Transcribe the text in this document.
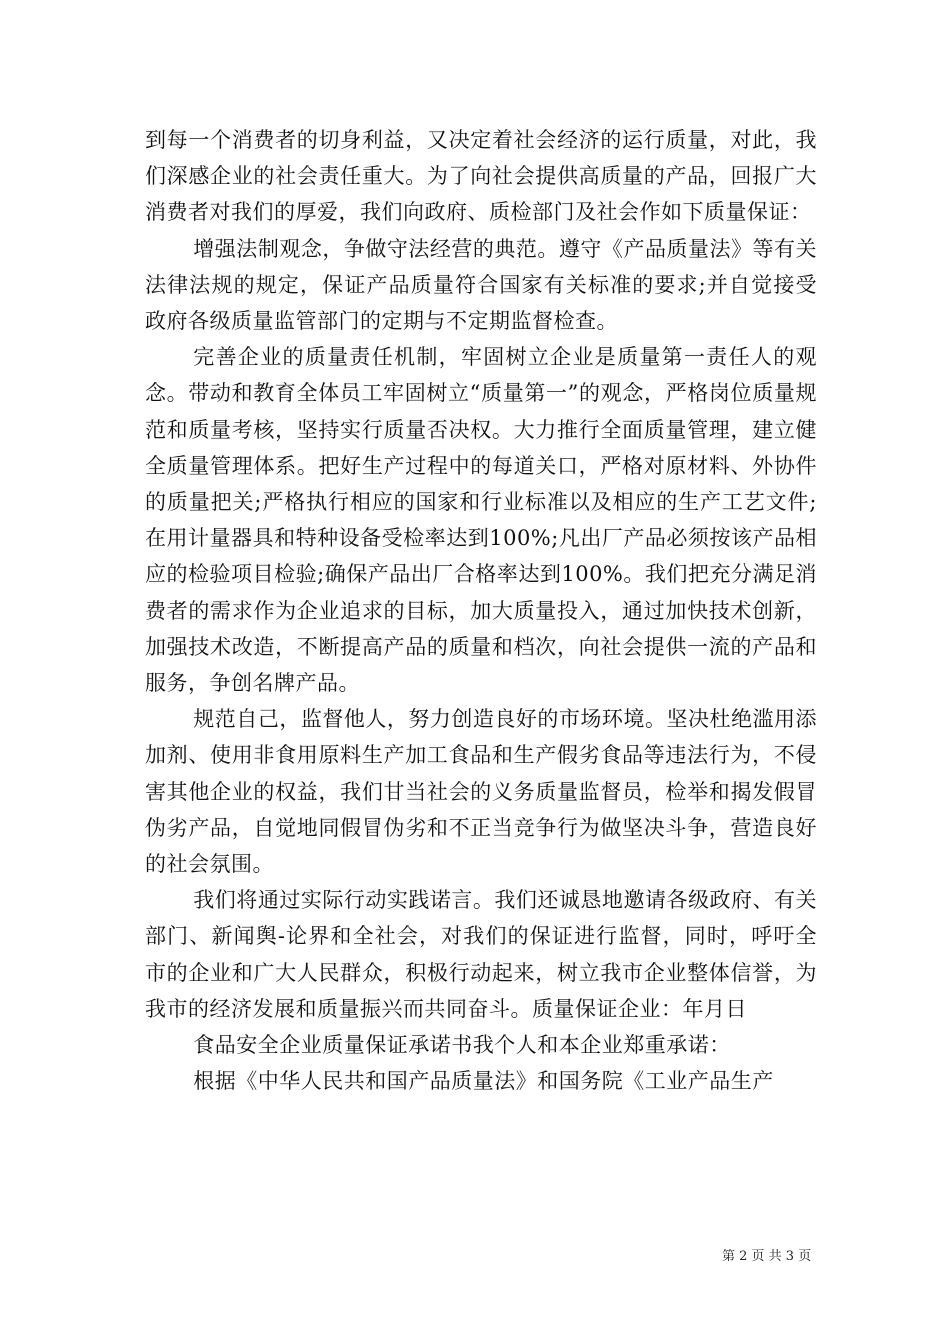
到每一个消费者的切身利益，又决定着社会经济的运行质量，对此，我们深感企业的社会责任重大。为了向社会提供高质量的产品，回报广大消费者对我们的厚爱，我们向政府、质检部门及社会作如下质量保证：

增强法制观念，争做守法经营的典范。遵守《产品质量法》等有关法律法规的规定，保证产品质量符合国家有关标准的要求;并自觉接受政府各级质量监管部门的定期与不定期监督检查。

完善企业的质量责任机制，牢固树立企业是质量第一责任人的观念。带动和教育全体员工牢固树立“质量第一”的观念，严格岗位质量规范和质量考核，坚持实行质量否决权。大力推行全面质量管理，建立健全质量管理体系。把好生产过程中的每道关口，严格对原材料、外协件的质量把关;严格执行相应的国家和行业标准以及相应的生产工艺文件;在用计量器具和特种设备受检率达到100%;凡出厂产品必须按该产品相应的检验项目检验;确保产品出厂合格率达到100%。我们把充分满足消费者的需求作为企业追求的目标，加大质量投入，通过加快技术创新，加强技术改造，不断提高产品的质量和档次，向社会提供一流的产品和服务，争创名牌产品。

规范自己，监督他人，努力创造良好的市场环境。坚决杜绝滥用添加剂、使用非食用原料生产加工食品和生产假劣食品等违法行为，不侵害其他企业的权益，我们甘当社会的义务质量监督员，检举和揭发假冒伪劣产品，自觉地同假冒伪劣和不正当竞争行为做坚决斗争，营造良好的社会氛围。

我们将通过实际行动实践诺言。我们还诚恳地邀请各级政府、有关部门、新闻舆-论界和全社会，对我们的保证进行监督，同时，呼吁全市的企业和广大人民群众，积极行动起来，树立我市企业整体信誉，为我市的经济发展和质量振兴而共同奋斗。质量保证企业：年月日

食品安全企业质量保证承诺书我个人和本企业郑重承诺：

根据《中华人民共和国产品质量法》和国务院《工业产品生产

第 2 页 共 3 页
